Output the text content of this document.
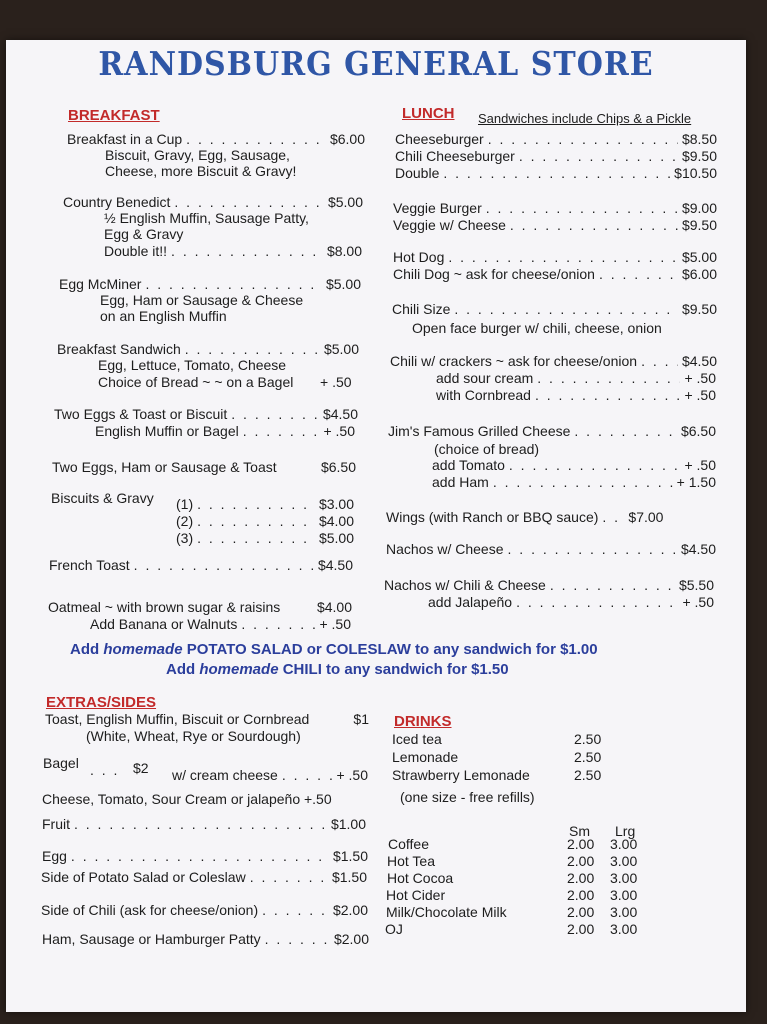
RANDSBURG GENERAL STORE
BREAKFAST
Breakfast in a Cup . . .	$6.00
Biscuit, Gravy, Egg, Sausage,
Cheese, more Biscuit & Gravy!
Country Benedict . . .	$5.00
½ English Muffin, Sausage Patty,
Egg & Gravy
Double it!! . . .	$8.00
Egg McMiner . . .	$5.00
Egg, Ham or Sausage & Cheese
on an English Muffin
Breakfast Sandwich . . .	$5.00
Egg, Lettuce, Tomato, Cheese
Choice of Bread ~ ~ on a Bagel + .50
Two Eggs & Toast or Biscuit . . .	$4.50
English Muffin or Bagel . . .	+ .50
Two Eggs, Ham or Sausage & Toast	$6.50
Biscuits & Gravy (1) . . .	$3.00
(2) . . .	$4.00
(3) . . .	$5.00
French Toast . . .	$4.50
Oatmeal ~ with brown sugar & raisins	$4.00
Add Banana or Walnuts . . .	+ .50
LUNCH Sandwiches include Chips & a Pickle
Cheeseburger . . .	$8.50
Chili Cheeseburger . . .	$9.50
Double . . .	$10.50
Veggie Burger . . .	$9.00
Veggie w/ Cheese . . .	$9.50
Hot Dog . . .	$5.00
Chili Dog ~ ask for cheese/onion . . .	$6.00
Chili Size . . .	$9.50
Chili w/ crackers ~ ask for cheese/onion . . .	$4.50
add sour cream . . .	+ .50
with Cornbread . . .	+ .50
Jim's Famous Grilled Cheese . . .	$6.50
add Tomato . . .	+ .50
add Ham . . .	+ 1.50
Wings (with Ranch or BBQ sauce) . . . $7.00
Nachos w/ Cheese . . .	$4.50
Nachos w/ Chili & Cheese . . .	$5.50
add Jalapeño . . .	+ .50
Open face burger w/ chili, cheese, onion
(choice of bread)
Add homemade POTATO SALAD or COLESLAW to any sandwich for $1.00
Add homemade CHILI to any sandwich for $1.50
EXTRAS/SIDES
Toast, English Muffin, Biscuit or Cornbread	$1
(White, Wheat, Rye or Sourdough)
Bagel . . . $2 w/ cream cheese . . .	+ .50
Cheese, Tomato, Sour Cream or jalapeño +.50
Fruit . . .	$1.00
Egg . . .	$1.50
Side of Potato Salad or Coleslaw . . .	$1.50
Side of Chili (ask for cheese/onion) . . .	$2.00
Ham, Sausage or Hamburger Patty . . .	$2.00
DRINKS
Iced tea	2.50
Lemonade	2.50
Strawberry Lemonade	2.50
(one size - free refills)
Sm Lrg
Coffee	2.00 3.00
Hot Tea	2.00 3.00
Hot Cocoa	2.00 3.00
Hot Cider	2.00 3.00
Milk/Chocolate Milk	2.00 3.00
OJ	2.00 3.00
